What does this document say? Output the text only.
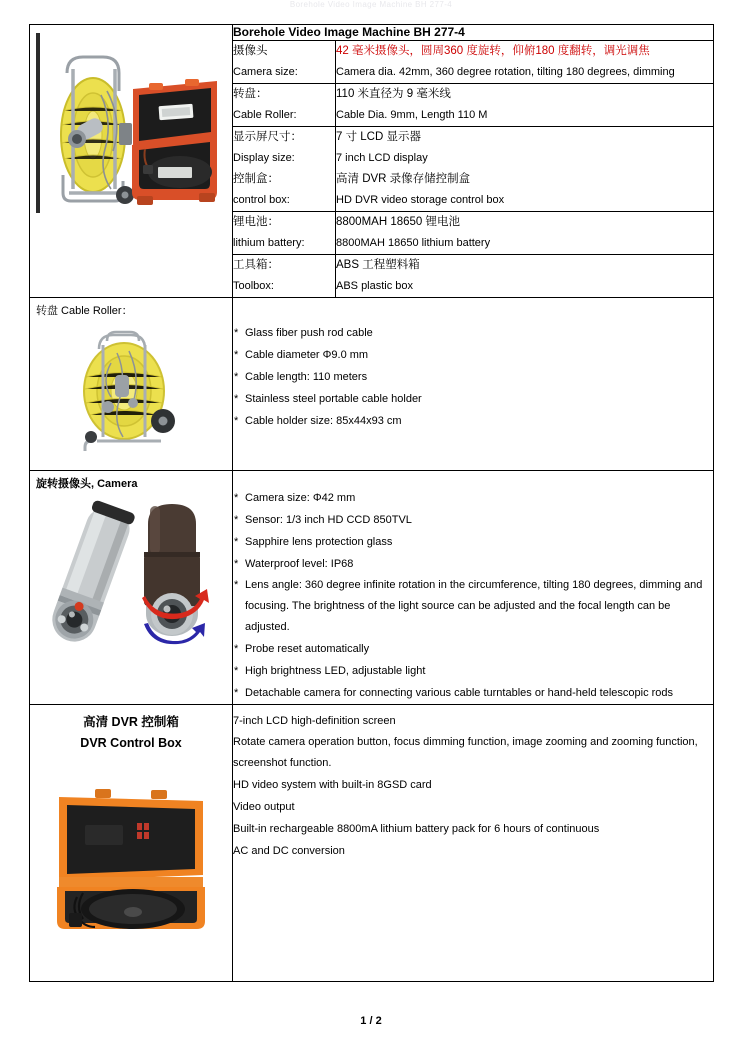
Borehole Video Image Machine BH 277-4
	Borehole Video Image Machine BH 277-4	
	摄像头	42 毫米摄像头，圆周360 度旋转，仰俯180 度翻转，调光调焦
	Camera size:	Camera dia. 42mm, 360 degree rotation, tilting 180 degrees, dimming
	转盘：	110 米直径为 9 毫米线
	Cable Roller:	Cable Dia. 9mm, Length 110 M
	显示屏尺寸：	7 寸 LCD 显示器
	Display size:	7 inch LCD display
	控制盒：	高清 DVR 录像存储控制盒
	control box:	HD DVR video storage control box
	锂电池：	8800MAH 18650 锂电池
	lithium battery:	8800MAH 18650 lithium battery
	工具箱：	ABS 工程塑料箱
	Toolbox:	ABS plastic box

转盘 Cable Roller：

* Glass fiber push rod cable
* Cable diameter Φ9.0 mm
* Cable length: 110 meters
* Stainless steel portable cable holder
* Cable holder size: 85x44x93 cm

旋转摄像头, Camera

* Camera size: Φ42 mm
* Sensor: 1/3 inch HD CCD 850TVL
* Sapphire lens protection glass
* Waterproof level: IP68
* Lens angle: 360 degree infinite rotation in the circumference, tilting 180 degrees, dimming and focusing. The brightness of the light source can be adjusted and the focal length can be adjusted.
* Probe reset automatically
* High brightness LED, adjustable light
* Detachable camera for connecting various cable turntables or hand-held telescopic rods

高清 DVR 控制箱
DVR Control Box

7-inch LCD high-definition screen
Rotate camera operation button, focus dimming function, image zooming and zooming function, screenshot function.
HD video system with built-in 8GSD card
Video output
Built-in rechargeable 8800mA lithium battery pack for 6 hours of continuous
AC and DC conversion
1 / 2
